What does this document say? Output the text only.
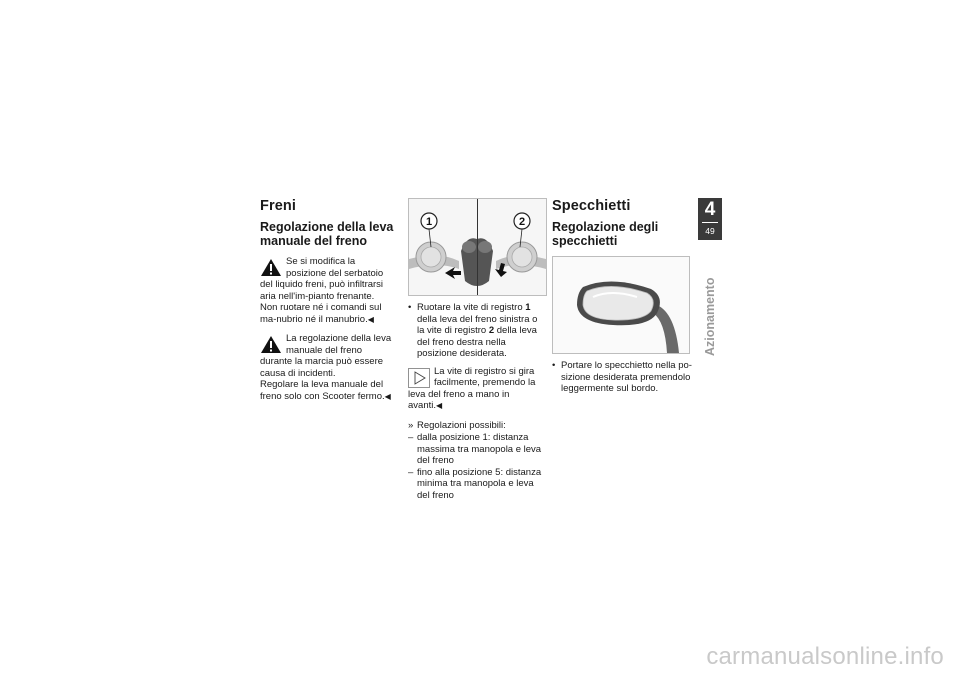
Freni
Regolazione della leva manuale del freno
Se si modifica la posizione del serbatoio del liquido freni, può infiltrarsi aria nell'im-pianto frenante.

Non ruotare né i comandi sul ma-nubrio né il manubrio.◀

La regolazione della leva manuale del freno durante la marcia può essere causa di incidenti.

Regolare la leva manuale del freno solo con Scooter fermo.◀

1	2
• Ruotare la vite di registro 1 della leva del freno sinistra o la vite di registro 2 della leva del freno destra nella posizione desiderata.
La vite di registro si gira facilmente, premendo la leva del freno a mano in avanti.◀
» Regolazioni possibili:
– dalla posizione 1: distanza massima tra manopola e leva del freno
– fino alla posizione 5: distanza minima tra manopola e leva del freno
Specchietti
Regolazione degli specchietti
• Portare lo specchietto nella po-sizione desiderata premendolo leggermente sul bordo.
4
49
Azionamento
carmanualsonline.info
